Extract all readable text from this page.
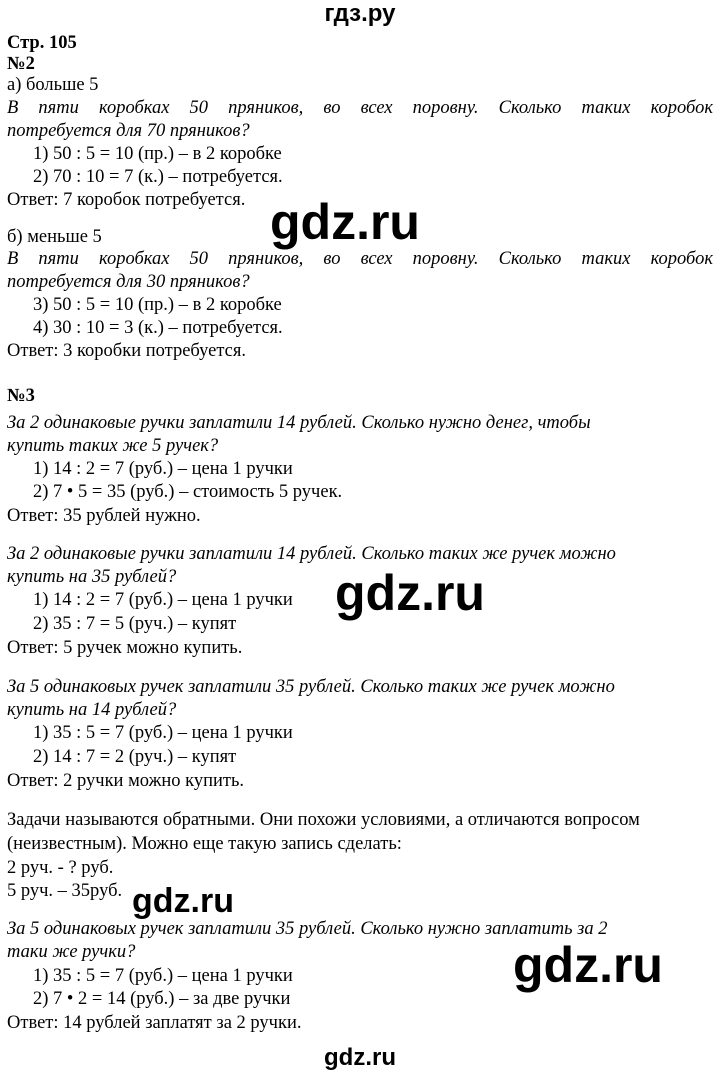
гдз.ру
Стр. 105
№2
а) больше 5
В пяти коробках 50 пряников, во всех поровну. Сколько таких коробок
потребуется для 70 пряников?
1) 50 : 5 = 10 (пр.) – в 2 коробке
2) 70 : 10 = 7 (к.) – потребуется.
Ответ: 7 коробок потребуется.
б) меньше 5
В пяти коробках 50 пряников, во всех поровну. Сколько таких коробок
потребуется для 30 пряников?
3) 50 : 5 = 10 (пр.) – в 2 коробке
4) 30 : 10 = 3 (к.) – потребуется.
Ответ: 3 коробки потребуется.
№3
За 2 одинаковые ручки заплатили 14 рублей. Сколько нужно денег, чтобы
купить таких же 5 ручек?
1) 14 : 2 = 7 (руб.) – цена 1 ручки
2) 7 • 5 = 35 (руб.) – стоимость 5 ручек.
Ответ: 35 рублей нужно.
За 2 одинаковые ручки заплатили 14 рублей. Сколько таких же ручек можно
купить на 35 рублей?
1) 14 : 2 = 7 (руб.) – цена 1 ручки
2) 35 : 7 = 5 (руч.) – купят
Ответ: 5 ручек можно купить.
За 5 одинаковых ручек заплатили 35 рублей. Сколько таких же ручек можно
купить на 14 рублей?
1) 35 : 5 = 7 (руб.) – цена 1 ручки
2) 14 : 7 = 2 (руч.) – купят
Ответ: 2 ручки можно купить.
Задачи называются обратными. Они похожи условиями, а отличаются вопросом
(неизвестным). Можно еще такую запись сделать:
2 руч. - ? руб.
5 руч. – 35руб.
За 5 одинаковых ручек заплатили 35 рублей. Сколько нужно заплатить за 2
таки же ручки?
1) 35 : 5 = 7 (руб.) – цена 1 ручки
2) 7 • 2 = 14 (руб.) – за две ручки
Ответ: 14 рублей заплатят за 2 ручки.
gdz.ru
gdz.ru
gdz.ru
gdz.ru
gdz.ru
